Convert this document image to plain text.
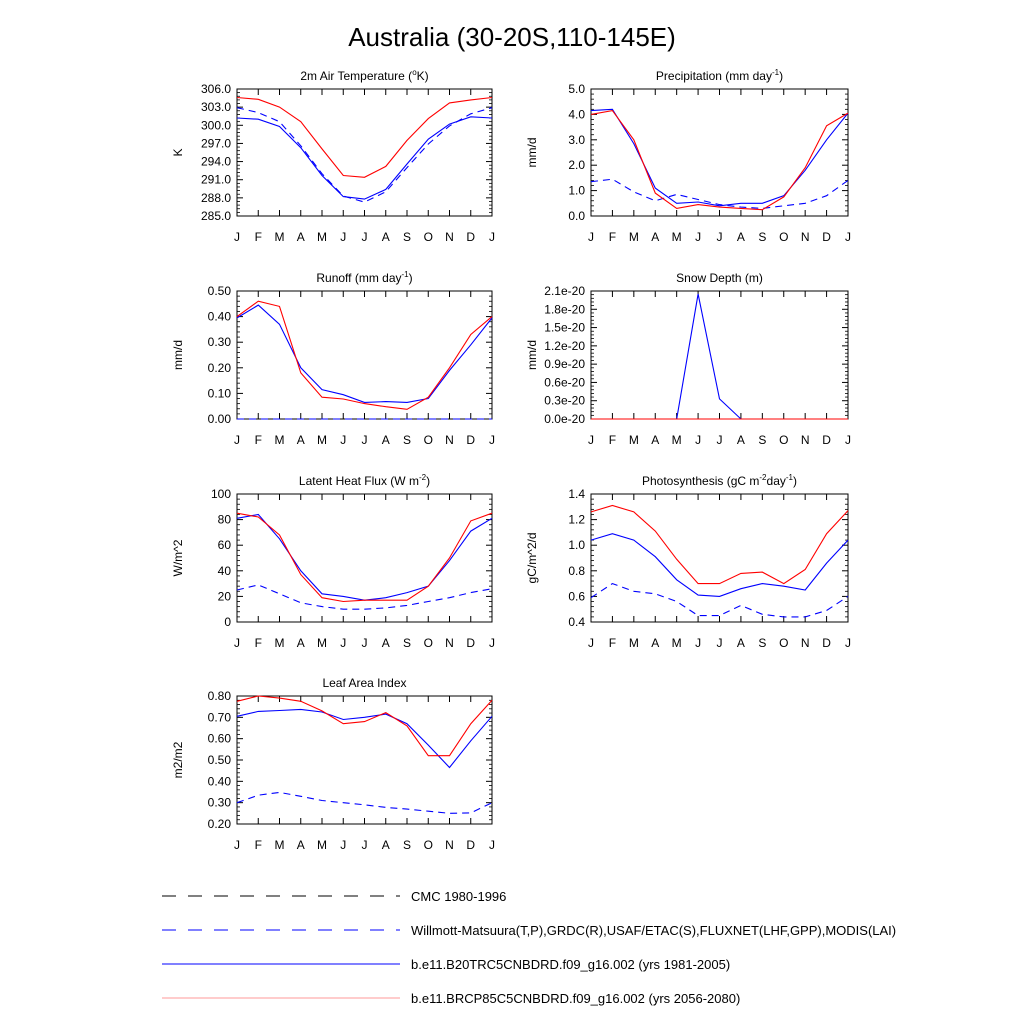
Australia (30-20S,110-145E)
2m Air Temperature ($^o$K)
J F M A M J J A S O N D J
285.0
288.0
291.0
294.0
297.0
300.0
303.0
306.0
K
Precipitation (mm day$^{-1}$)
J F M A M J J A S O N D J
0.0
1.0
2.0
3.0
4.0
5.0
mm/d
Runoff (mm day$^{-1}$)
J F M A M J J A S O N D J
0.00
0.10
0.20
0.30
0.40
0.50
mm/d
Snow Depth (m)
J F M A M J J A S O N D J
0.0e-20
0.3e-20
0.6e-20
0.9e-20
1.2e-20
1.5e-20
1.8e-20
2.1e-20
mm/d
Latent Heat Flux (W $m^{-2}$)
J F M A M J J A S O N D J
0
20
40
60
80
100
W/m^2
Photosynthesis (gC $m^{-2}day^{-1}$)
J F M A M J J A S O N D J
0.4
0.6
0.8
1.0
1.2
1.4
gC/m^2/d
Leaf Area Index
J F M A M J J A S O N D J
0.20
0.30
0.40
0.50
0.60
0.70
0.80
m2/m2
CMC 1980-1996
Willmott-Matsuura(T,P),GRDC(R),USAF/ETAC(S),FLUXNET(LHF,GPP),MODIS(LAI)
b.e11.B20TRC5CNBDRD.f09_g16.002 (yrs 1981-2005)
b.e11.BRCP85C5CNBDRD.f09_g16.002 (yrs 2056-2080)
